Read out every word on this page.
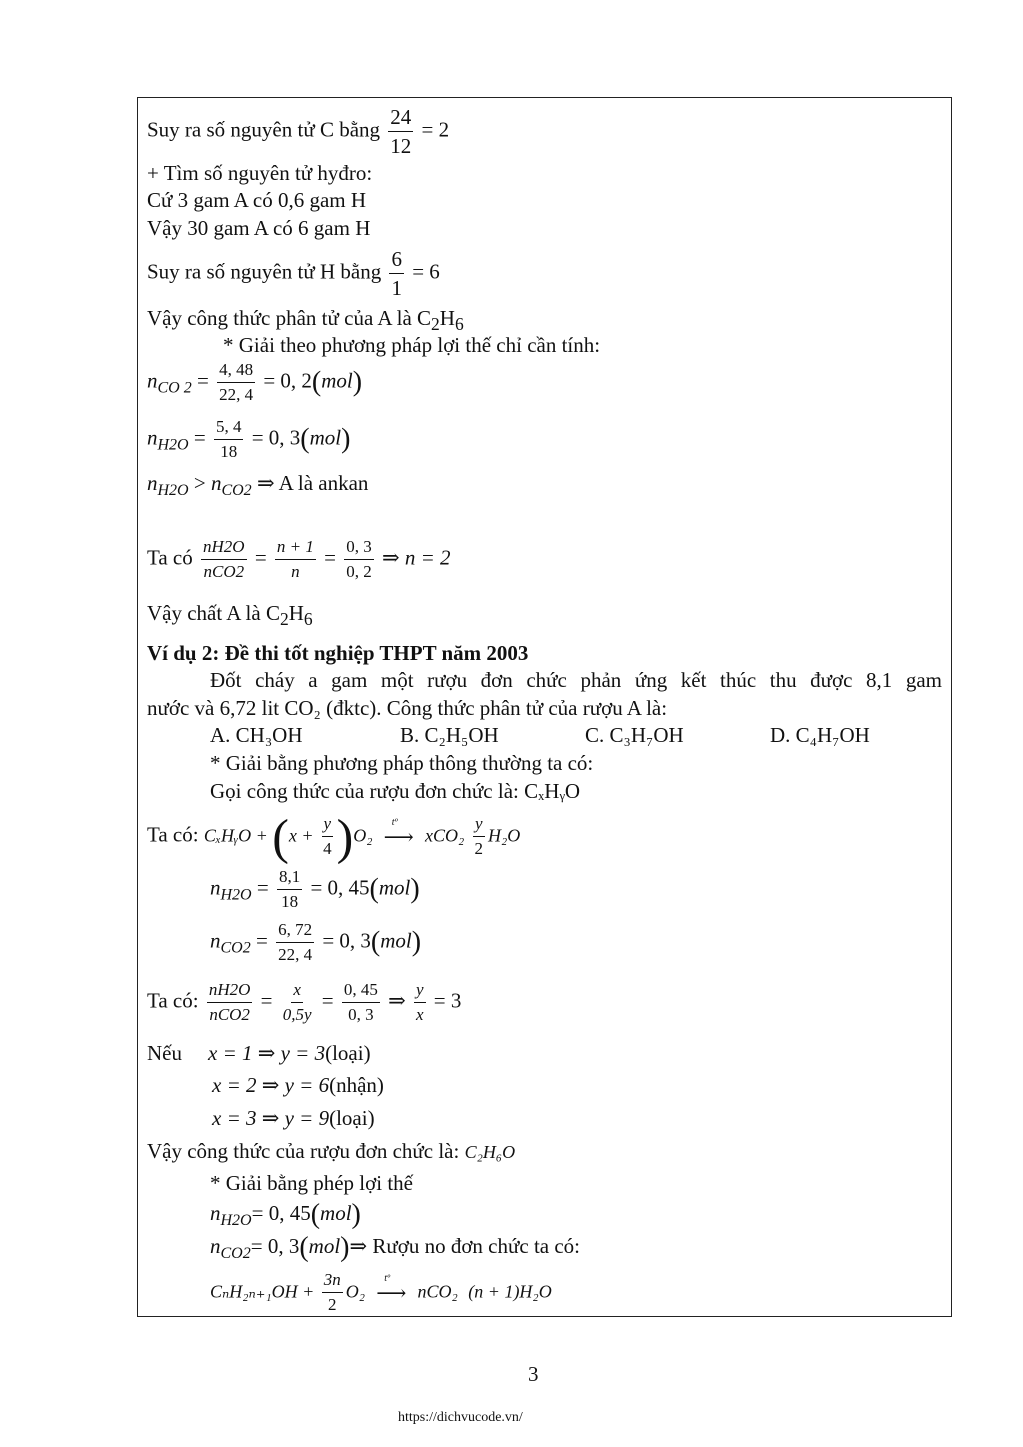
Suy ra số nguyên tử C bằng $\frac{24}{12} = 2$
+ Tìm số nguyên tử hyđro:
Cứ 3 gam A có 0,6 gam H
Vậy 30 gam A có 6 gam H
Suy ra số nguyên tử H bằng $\frac{6}{1} = 6$
Vậy công thức phân tử của A là $C_2H_6$
* Giải theo phương pháp lợi thế chỉ cần tính:
$n_{CO 2} = \frac{4, 48}{22, 4} = 0$, 2(mol)
$n_{H2O} = \frac{5, 4}{18} = 0$, 3(mol)
$n_{H2O} > n_{CO2}$ ⇒ A là ankan
Ta có $\frac{nH2O}{\text{nCO2}} = \frac{n + 1}{n} = \frac{0, 3}{0, 2}$ ⇒ n = 2
Vậy chất A là $C_2H_6$
Ví dụ 2: Đề thi tốt nghiệp THPT năm 2003
Đốt cháy a gam một rượu đơn chức phản ứng kết thúc thu được 8,1 gam
nước và 6,72 lit CO₂ (đktc). Công thức phân tử của rượu A là:
A. CH₃OH	B. C₂H₅OH	C. C₃H₇OH	D. C₄H₇OH
* Giải bằng phương pháp thông thường ta có:
Gọi công thức của rượu đơn chức là: CₓHᵧO
Ta có: CₓHᵧO + $(x + \frac{y}{4} )O_2$
tº
⟶ $xCO_2 \frac{y}{2} H_2O$
$n_{H2O} = \frac{8,1}{18} = 0$, 45(mol)
$n_{CO2} = \frac{6, 72}{22, 4} = 0$, 3(mol)
Ta có: $\frac{nH2O}{\text{nCO2}} = \frac{x}{0,5y} = \frac{0, 45}{0, 3}$ ⇒ $\frac{y}{x} = 3$
Nếu x = 1 ⇒ y = 3(loại)
x = 2 ⇒ y = 6(nhận)
x = 3 ⇒ y = 9(loại)
Vậy công thức của rượu đơn chức là: C₂H₆O
* Giải bằng phép lợi thế
$n_{H2O}= 0$, 45(mol)
$n_{CO2}= 0$, 3(mol)⇒ Rượu no đơn chức ta có:
$C_nH_{2n+1}OH + \frac{3n}{2} O_2$
tº
⟶ nCO₂ (n + 1)H₂O
3
https://dichvucode.vn/
